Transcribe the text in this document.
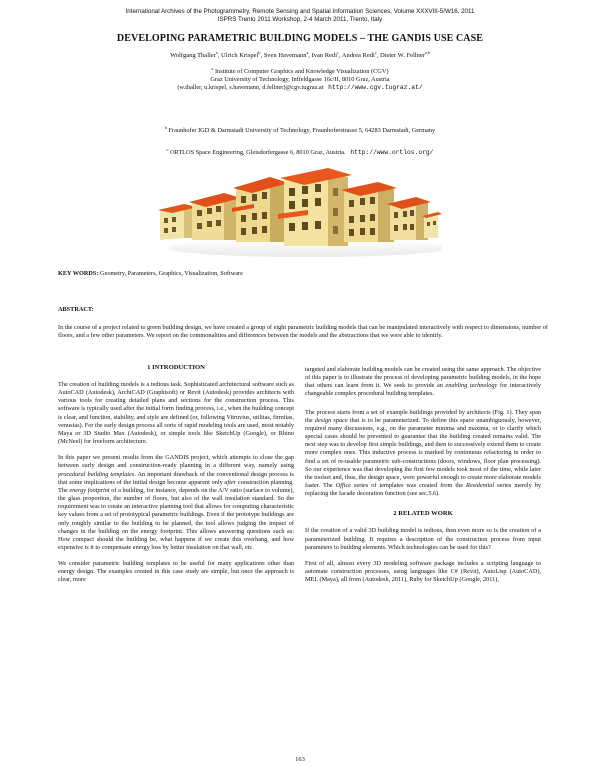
International Archives of the Photogrammetry, Remote Sensing and Spatial Information Sciences, Volume XXXVIII-5/W16, 2011
ISPRS Trento 2011 Workshop, 2-4 March 2011, Trento, Italy
DEVELOPING PARAMETRIC BUILDING MODELS – THE GANDIS USE CASE
Wolfgang Thaller$^a$, Ulrich Krispel$^b$, Sven Havemann$^a$, Ivan Redi$^c$, Andrea Redi$^c$, Dieter W. Fellner$^{a,b}$
$^a$ Institute of Computer Graphics and Knowledge Visualization (CGV)
Graz University of Technology, Inffeldgasse 16c/II, 8010 Graz, Austria
(w.thaller, u.krispel, s.havemann, d.fellner)@cgv.tugraz.at http://www.cgv.tugraz.at/
$^b$ Fraunhofer IGD & Darmstadt University of Technology, Fraunhoferstrasse 5, 64283 Darmstadt, Germany
$^c$ ORTLOS Space Engineering, Gleisdorfergasse 6, 8010 Graz, Austria. http://www.ortlos.org/
KEY WORDS: Geometry, Parameters, Graphics, Visualization, Software
ABSTRACT:
In the course of a project related to green building design, we have created a group of eight parametric building models that can be manipulated interactively with respect to dimensions, number of floors, and a few other parameters. We report on the commonalities and differences between the models and the abstractions that we were able to identify.
1 INTRODUCTION

The creation of building models is a tedious task. Sophisticated architectural software such as AutoCAD (Autodesk), ArchiCAD (Graphisoft) or Revit (Autodesk) provides architects with various tools for creating detailed plans and sections for the construction process. This software is typically used after the initial form finding process, i.e., when the building concept is clear, and function, stability, and style are defined (or, following Vitruvius, utilitas, firmitas, venustas). For the early design process all sorts of rapid modeling tools are used, most notably Maya or 3D Studio Max (Autodesk), or simple tools like SketchUp (Google), or Rhino (McNeel) for freeform architecture.

In this paper we present results from the GANDIS project, which attempts to close the gap between early design and construction-ready planning in a different way, namely using procedural building templates. An important drawback of the conventional design process is that some implications of the initial design become apparent only after construction planning. The energy footprint of a building, for instance, depends on the A/V ratio (surface to volume), the glass proportion, the number of floors, but also of the wall insulation standard. So the requirement was to create an interactive planning tool that allows for computing characteristic key values from a set of prototypical parametric buildings. Even if the prototype buildings are only roughly similar to the building to be planned, the tool allows judging the impact of changes in the building on the energy footprint. This allows answering questions such as: How compact should the building be, what happens if we create this overhang, and how expensive is it to compensate energy loss by better insulation on that wall, etc.

We consider parametric building templates to be useful for many applications other than energy design. The examples created in this case study are simple, but once the approach is clear, more

targeted and elaborate building models can be created using the same approach. The objective of this paper is to illustrate the process of developing parametric building models, in the hope that others can learn from it. We seek to provide an enabling technology for interactively changeable complex procedural building templates.

The process starts from a set of example buildings provided by architects (Fig. 1). They span the design space that is to be parameterized. To define this space unambiguously, however, required many discussions, e.g., on the parameter minima and maxima, or to clarify which special cases should be prevented to guarantee that the building created remains valid. The next step was to develop first simple buildings, and then to successively extend them to create more complex ones. This inductive process is marked by continuous refactoring in order to find a set of re-usable parametric sub-constructions (doors, windows, floor plan processing). So our experience was that developing the first few models took most of the time, while later the toolset and, thus, the design space, were powerful enough to create more elaborate models faster. The Office series of templates was created from the Residential series merely by replacing the facade decoration function (see sec.5.6).

2 RELATED WORK

If the creation of a valid 3D building model is tedious, then even more so is the creation of a parameterized building. It requires a description of the construction process from input parameters to building elements. Which technologies can be used for this?

First of all, almost every 3D modeling software package includes a scripting language to automate construction processes, using languages like C# (Revit), AutoLisp (AutoCAD), MEL (Maya), all from (Autodesk, 2011), Ruby for SketchUp (Google, 2011),

163
